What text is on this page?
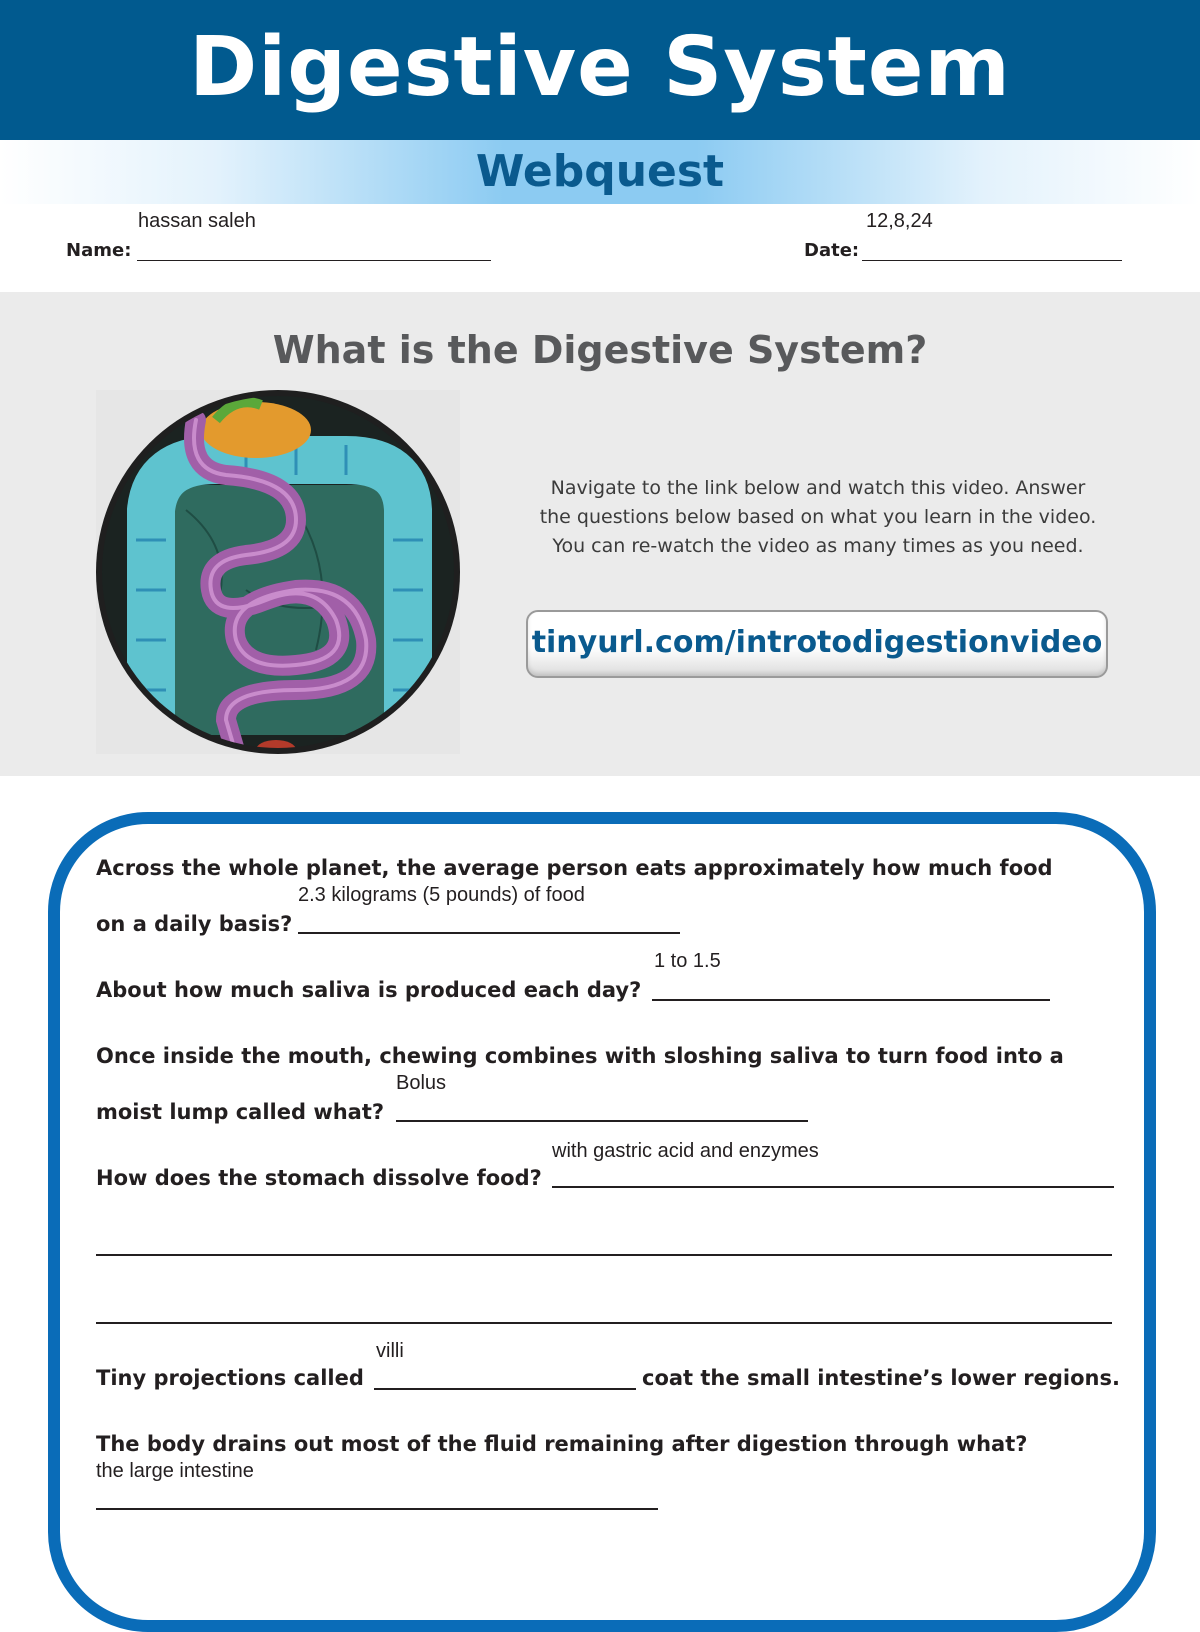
Digestive System
Webquest
hassan saleh
Name:
12,8,24
Date:
What is the Digestive System?
Navigate to the link below and watch this video. Answer
the questions below based on what you learn in the video.
You can re-watch the video as many times as you need.
tinyurl.com/introtodigestionvideo
Across the whole planet, the average person eats approximately how much food
2.3 kilograms (5 pounds) of food
on a daily basis?
1 to 1.5
About how much saliva is produced each day?
Once inside the mouth, chewing combines with sloshing saliva to turn food into a
Bolus
moist lump called what?
with gastric acid and enzymes
How does the stomach dissolve food?
villi
Tiny projections called	coat the small intestine’s lower regions.
The body drains out most of the fluid remaining after digestion through what?
the large intestine
